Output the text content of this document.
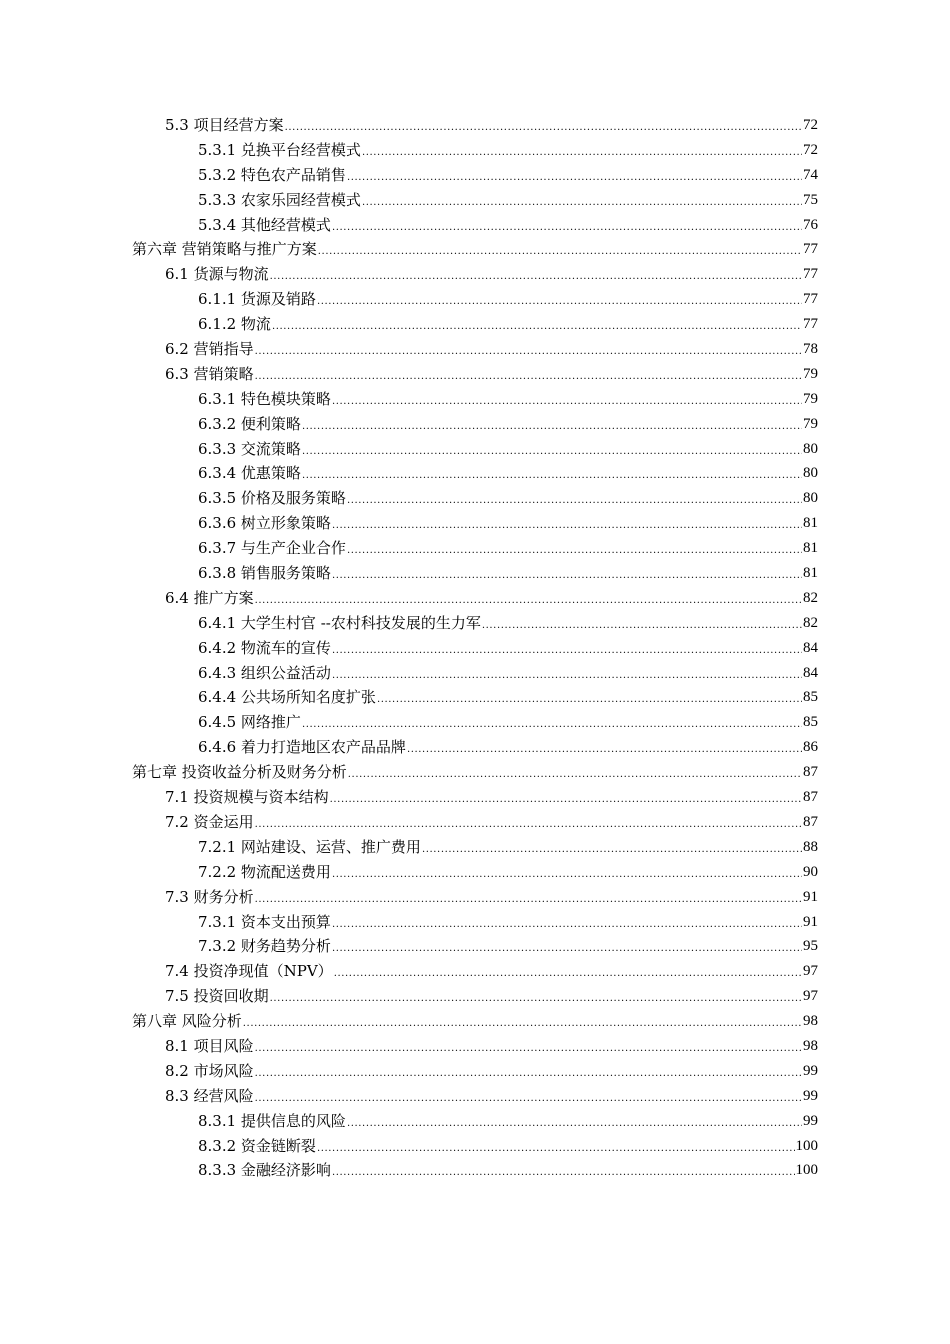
5.3 项目经营方案 .....	72
5.3.1 兑换平台经营模式 .....	72
5.3.2 特色农产品销售 .....	74
5.3.3 农家乐园经营模式 .....	75
5.3.4 其他经营模式 .....	76
第六章 营销策略与推广方案 .....	77
6.1 货源与物流 .....	77
6.1.1 货源及销路 .....	77
6.1.2 物流 .....	77
6.2 营销指导 .....	78
6.3 营销策略 .....	79
6.3.1 特色模块策略 .....	79
6.3.2 便利策略 .....	79
6.3.3 交流策略 .....	80
6.3.4 优惠策略 .....	80
6.3.5 价格及服务策略 .....	80
6.3.6 树立形象策略 .....	81
6.3.7 与生产企业合作 .....	81
6.3.8 销售服务策略 .....	81
6.4 推广方案 .....	82
6.4.1 大学生村官 --农村科技发展的生力军 .....	82
6.4.2 物流车的宣传 .....	84
6.4.3 组织公益活动 .....	84
6.4.4 公共场所知名度扩张 .....	85
6.4.5 网络推广 .....	85
6.4.6 着力打造地区农产品品牌 .....	86
第七章 投资收益分析及财务分析 .....	87
7.1 投资规模与资本结构 .....	87
7.2 资金运用 .....	87
7.2.1 网站建设、运营、推广费用 .....	88
7.2.2 物流配送费用 .....	90
7.3 财务分析 .....	91
7.3.1 资本支出预算 .....	91
7.3.2 财务趋势分析 .....	95
7.4 投资净现值（NPV） .....	97
7.5 投资回收期 .....	97
第八章 风险分析 .....	98
8.1 项目风险 .....	98
8.2 市场风险 .....	99
8.3 经营风险 .....	99
8.3.1 提供信息的风险 .....	99
8.3.2 资金链断裂 .....	100
8.3.3 金融经济影响 .....	100
